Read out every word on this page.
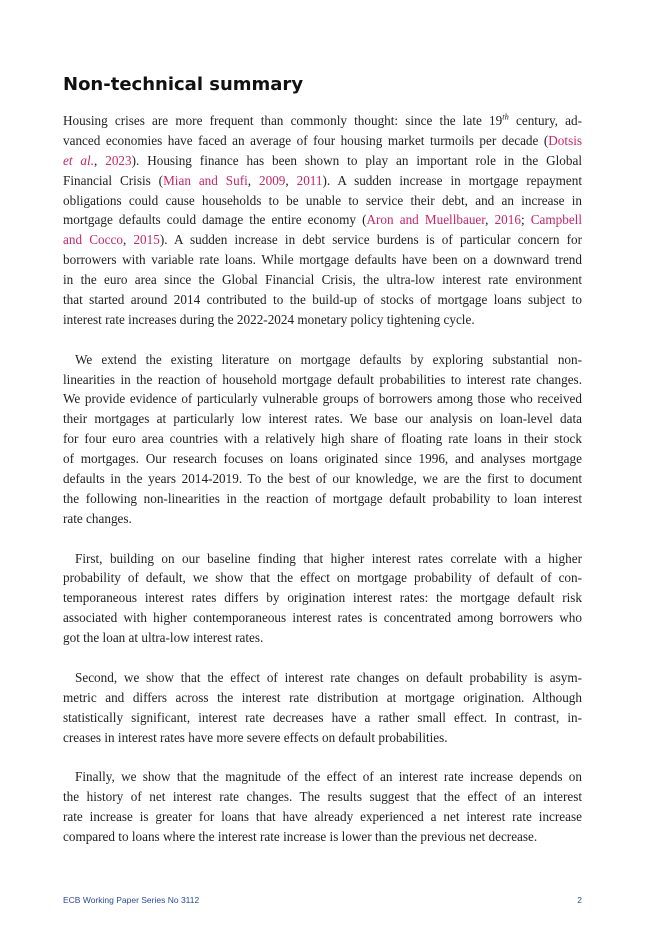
Non-technical summary
Housing crises are more frequent than commonly thought: since the late 19th century, ad-
vanced economies have faced an average of four housing market turmoils per decade (Dotsis
et al., 2023). Housing finance has been shown to play an important role in the Global
Financial Crisis (Mian and Sufi, 2009, 2011). A sudden increase in mortgage repayment
obligations could cause households to be unable to service their debt, and an increase in
mortgage defaults could damage the entire economy (Aron and Muellbauer, 2016; Campbell
and Cocco, 2015). A sudden increase in debt service burdens is of particular concern for
borrowers with variable rate loans. While mortgage defaults have been on a downward trend
in the euro area since the Global Financial Crisis, the ultra-low interest rate environment
that started around 2014 contributed to the build-up of stocks of mortgage loans subject to
interest rate increases during the 2022-2024 monetary policy tightening cycle.
We extend the existing literature on mortgage defaults by exploring substantial non-
linearities in the reaction of household mortgage default probabilities to interest rate changes.
We provide evidence of particularly vulnerable groups of borrowers among those who received
their mortgages at particularly low interest rates. We base our analysis on loan-level data
for four euro area countries with a relatively high share of floating rate loans in their stock
of mortgages. Our research focuses on loans originated since 1996, and analyses mortgage
defaults in the years 2014-2019. To the best of our knowledge, we are the first to document
the following non-linearities in the reaction of mortgage default probability to loan interest
rate changes.
First, building on our baseline finding that higher interest rates correlate with a higher
probability of default, we show that the effect on mortgage probability of default of con-
temporaneous interest rates differs by origination interest rates: the mortgage default risk
associated with higher contemporaneous interest rates is concentrated among borrowers who
got the loan at ultra-low interest rates.
Second, we show that the effect of interest rate changes on default probability is asym-
metric and differs across the interest rate distribution at mortgage origination. Although
statistically significant, interest rate decreases have a rather small effect. In contrast, in-
creases in interest rates have more severe effects on default probabilities.
Finally, we show that the magnitude of the effect of an interest rate increase depends on
the history of net interest rate changes. The results suggest that the effect of an interest
rate increase is greater for loans that have already experienced a net interest rate increase
compared to loans where the interest rate increase is lower than the previous net decrease.
ECB Working Paper Series No 3112	2
